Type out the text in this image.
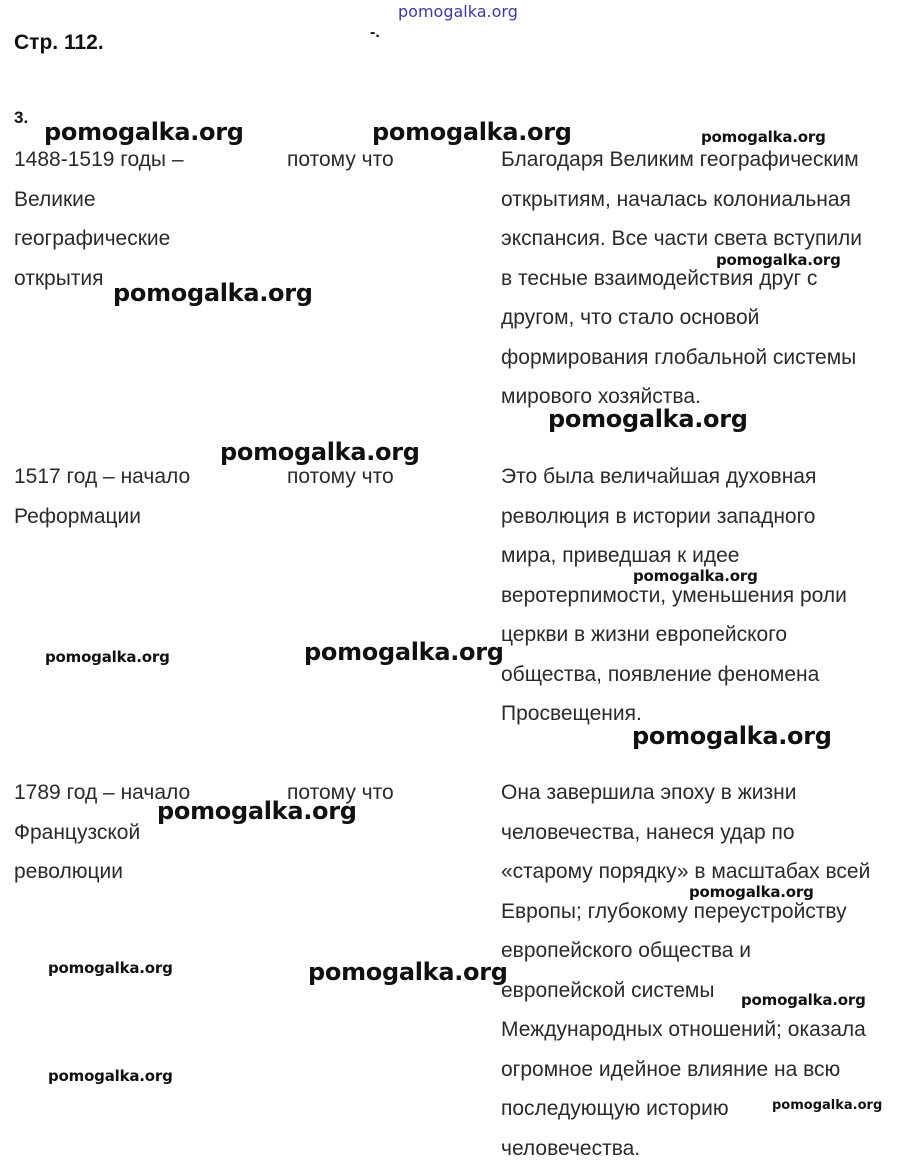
pomogalka.org
Стр. 112.	-.
3.
1488-1519 годы –
Великие
географические
открытия
потому что	Благодаря Великим географическим
открытиям, началась колониальная
экспансия. Все части света вступили
в тесные взаимодействия друг с
другом, что стало основой
формирования глобальной системы
мирового хозяйства.
1517 год – начало
Реформации
потому что	Это была величайшая духовная
революция в истории западного
мира, приведшая к идее
веротерпимости, уменьшения роли
церкви в жизни европейского
общества, появление феномена
Просвещения.
1789 год – начало
Французской
революции
потому что	Она завершила эпоху в жизни
человечества, нанеся удар по
«старому порядку» в масштабах всей
Европы; глубокому переустройству
европейского общества и
европейской системы
Международных отношений; оказала
огромное идейное влияние на всю
последующую историю
человечества.
pomogalka.org	pomogalka.org	pomogalka.org
pomogalka.org
pomogalka.org
pomogalka.org
pomogalka.org
pomogalka.org
pomogalka.org
pomogalka.org
pomogalka.org
pomogalka.org
pomogalka.org
pomogalka.org	pomogalka.org
pomogalka.org
pomogalka.org
pomogalka.org
